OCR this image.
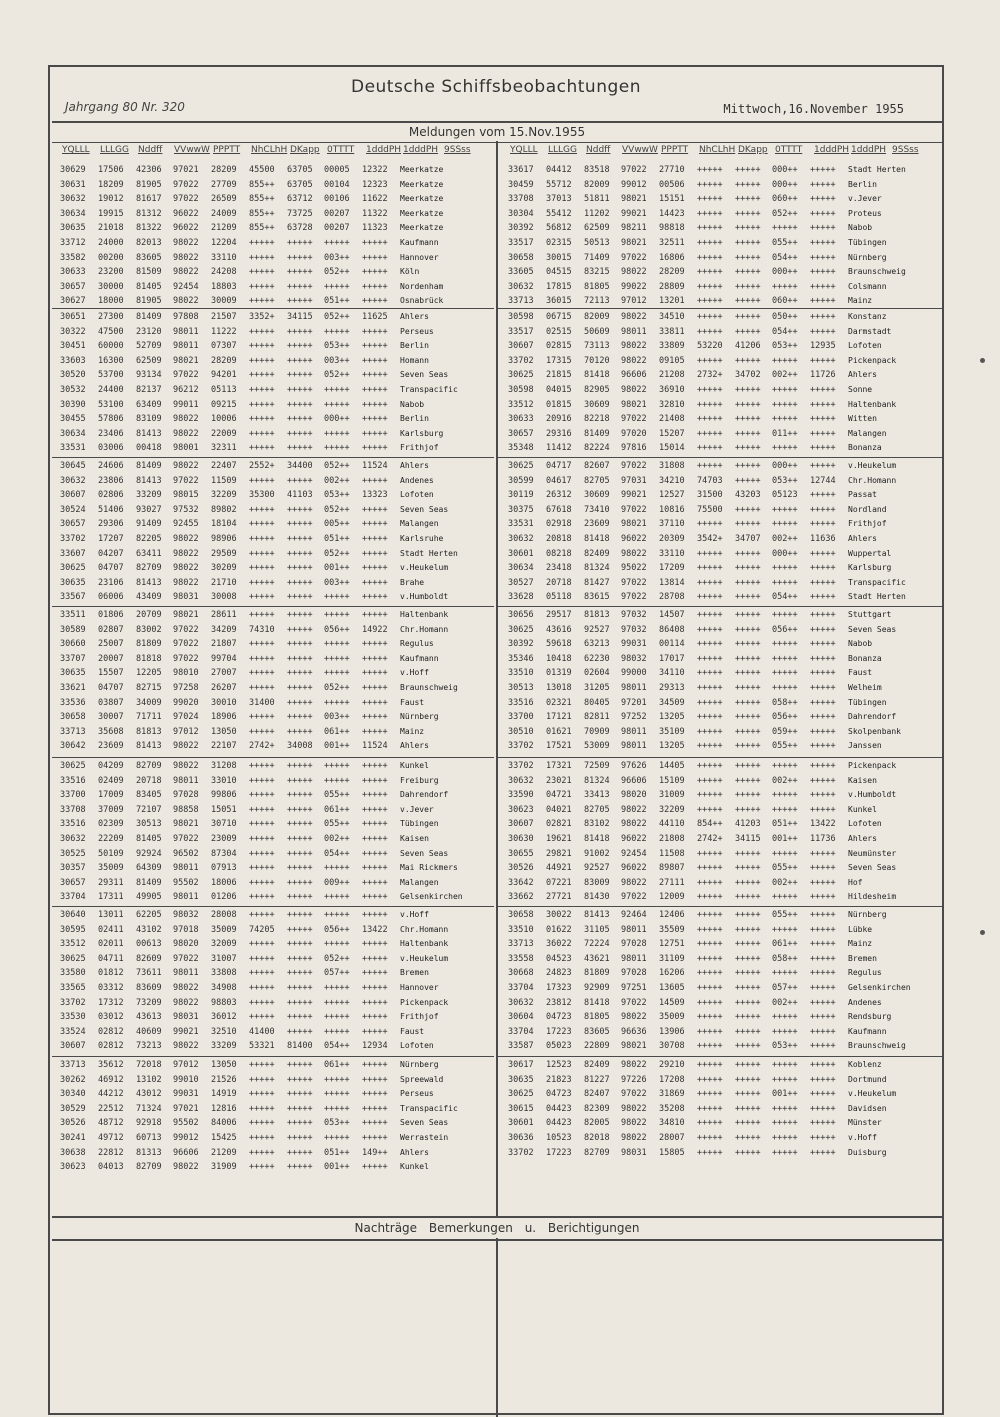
Deutsche Schiffsbeobachtungen
Jahrgang 80 Nr. 320	Mittwoch,16.November 1955
Meldungen vom 15.Nov.1955
YQLLL LLLGG Nddff VVwwW PPPTT NhCLhH DKapp 0TTTT 1dddPH 1dddPH 9SSss	YQLLL LLLGG Nddff VVwwW PPPTT NhCLhH DKapp 0TTTT 1dddPH 1dddPH 9SSss
30629 17506 42306 97021 28209 45500 63705 00005 12322 Meerkatze
30631 18209 81905 97022 27709 855++ 63705 00104 12323 Meerkatze
30632 19012 81617 97022 26509 855++ 63712 00106 11622 Meerkatze
30634 19915 81312 96022 24009 855++ 73725 00207 11322 Meerkatze
30635 21018 81322 96022 21209 855++ 63728 00207 11323 Meerkatze
33712 24000 82013 98022 12204 +++++ +++++ +++++ +++++ Kaufmann
33582 00200 83605 98022 33110 +++++ +++++ 003++ +++++ Hannover
30633 23200 81509 98022 24208 +++++ +++++ 052++ +++++ Köln
30657 30000 81405 92454 18803 +++++ +++++ +++++ +++++ Nordenham
30627 18000 81905 98022 30009 +++++ +++++ 051++ +++++ Osnabrück
30651 27300 81409 97808 21507 3352+ 34115 052++ 11625 Ahlers
30322 47500 23120 98011 11222 +++++ +++++ +++++ +++++ Perseus
30451 60000 52709 98011 07307 +++++ +++++ 053++ +++++ Berlin
33603 16300 62509 98021 28209 +++++ +++++ 003++ +++++ Homann
30520 53700 93134 97022 94201 +++++ +++++ 052++ +++++ Seven Seas
30532 24400 82137 96212 05113 +++++ +++++ +++++ +++++ Transpacific
30390 53100 63409 99011 09215 +++++ +++++ +++++ +++++ Nabob
30455 57806 83109 98022 10006 +++++ +++++ 000++ +++++ Berlin
30634 23406 81413 98022 22009 +++++ +++++ +++++ +++++ Karlsburg
33531 03006 00418 98001 32311 +++++ +++++ +++++ +++++ Frithjof
30645 24606 81409 98022 22407 2552+ 34400 052++ 11524 Ahlers
30632 23806 81413 97022 11509 +++++ +++++ 002++ +++++ Andenes
30607 02806 33209 98015 32209 35300 41103 053++ 13323 Lofoten
30524 51406 93027 97532 89802 +++++ +++++ 052++ +++++ Seven Seas
30657 29306 91409 92455 18104 +++++ +++++ 005++ +++++ Malangen
33702 17207 82205 98022 98906 +++++ +++++ 051++ +++++ Karlsruhe
33607 04207 63411 98022 29509 +++++ +++++ 052++ +++++ Stadt Herten
30625 04707 82709 98022 30209 +++++ +++++ 001++ +++++ v.Heukelum
30635 23106 81413 98022 21710 +++++ +++++ 003++ +++++ Brahe
33567 06006 43409 98031 30008 +++++ +++++ +++++ +++++ v.Humboldt
33511 01806 20709 98021 28611 +++++ +++++ +++++ +++++ Haltenbank
30589 02807 83002 97022 34209 74310 +++++ 056++ 14922 Chr.Homann
30660 25007 81809 97022 21807 +++++ +++++ +++++ +++++ Regulus
33707 20007 81818 97022 99704 +++++ +++++ +++++ +++++ Kaufmann
30635 15507 12205 98010 27007 +++++ +++++ +++++ +++++ v.Hoff
33621 04707 82715 97258 26207 +++++ +++++ 052++ +++++ Braunschweig
33536 03807 34009 99020 30010 31400 +++++ +++++ +++++ Faust
30658 30007 71711 97024 18906 +++++ +++++ 003++ +++++ Nürnberg
33713 35608 81813 97012 13050 +++++ +++++ 061++ +++++ Mainz
30642 23609 81413 98022 22107 2742+ 34008 001++ 11524 Ahlers
30625 04209 82709 98022 31208 +++++ +++++ +++++ +++++ Kunkel
33516 02409 20718 98011 33010 +++++ +++++ +++++ +++++ Freiburg
33700 17009 83405 97028 99806 +++++ +++++ 055++ +++++ Dahrendorf
33708 37009 72107 98858 15051 +++++ +++++ 061++ +++++ v.Jever
33516 02309 30513 98021 30710 +++++ +++++ 055++ +++++ Tübingen
30632 22209 81405 97022 23009 +++++ +++++ 002++ +++++ Kaisen
30525 50109 92924 96502 87304 +++++ +++++ 054++ +++++ Seven Seas
30357 35009 64309 98011 07913 +++++ +++++ +++++ +++++ Mai Rickmers
30657 29311 81409 95502 18006 +++++ +++++ 009++ +++++ Malangen
33704 17311 49905 98011 01206 +++++ +++++ +++++ +++++ Gelsenkirchen
30640 13011 62205 98032 28008 +++++ +++++ +++++ +++++ v.Hoff
30595 02411 43102 97018 35009 74205 +++++ 056++ 13422 Chr.Homann
33512 02011 00613 98020 32009 +++++ +++++ +++++ +++++ Haltenbank
30625 04711 82609 97022 31007 +++++ +++++ 052++ +++++ v.Heukelum
33580 01812 73611 98011 33808 +++++ +++++ 057++ +++++ Bremen
33565 03312 83609 98022 34908 +++++ +++++ +++++ +++++ Hannover
33702 17312 73209 98022 98803 +++++ +++++ +++++ +++++ Pickenpack
33530 03012 43613 98031 36012 +++++ +++++ +++++ +++++ Frithjof
33524 02812 40609 99021 32510 41400 +++++ +++++ +++++ Faust
30607 02812 73213 98022 33209 53321 81400 054++ 12934 Lofoten
33713 35612 72018 97012 13050 +++++ +++++ 061++ +++++ Nürnberg
30262 46912 13102 99010 21526 +++++ +++++ +++++ +++++ Spreewald
30340 44212 43012 99031 14919 +++++ +++++ +++++ +++++ Perseus
30529 22512 71324 97021 12816 +++++ +++++ +++++ +++++ Transpacific
30526 48712 92918 95502 84006 +++++ +++++ 053++ +++++ Seven Seas
30241 49712 60713 99012 15425 +++++ +++++ +++++ +++++ Werrastein
30638 22812 81313 96606 21209 +++++ +++++ 051++ 149++ Ahlers
30623 04013 82709 98022 31909 +++++ +++++ 001++ +++++ Kunkel
33617 04412 83518 97022 27710 +++++ +++++ 000++ +++++ Stadt Herten
30459 55712 82009 99012 00506 +++++ +++++ 000++ +++++ Berlin
33708 37013 51811 98021 15151 +++++ +++++ 060++ +++++ v.Jever
30304 55412 11202 99021 14423 +++++ +++++ 052++ +++++ Proteus
30392 56812 62509 98211 98818 +++++ +++++ +++++ +++++ Nabob
33517 02315 50513 98021 32511 +++++ +++++ 055++ +++++ Tübingen
30658 30015 71409 97022 16806 +++++ +++++ 054++ +++++ Nürnberg
33605 04515 83215 98022 28209 +++++ +++++ 000++ +++++ Braunschweig
30632 17815 81805 99022 28809 +++++ +++++ +++++ +++++ Colsmann
33713 36015 72113 97012 13201 +++++ +++++ 060++ +++++ Mainz
30598 06715 82009 98022 34510 +++++ +++++ 050++ +++++ Konstanz
33517 02515 50609 98011 33811 +++++ +++++ 054++ +++++ Darmstadt
30607 02815 73113 98022 33809 53220 41206 053++ 12935 Lofoten
33702 17315 70120 98022 09105 +++++ +++++ +++++ +++++ Pickenpack
30625 21815 81418 96606 21208 2732+ 34702 002++ 11726 Ahlers
30598 04015 82905 98022 36910 +++++ +++++ +++++ +++++ Sonne
33512 01815 30609 98021 32810 +++++ +++++ +++++ +++++ Haltenbank
30633 20916 82218 97022 21408 +++++ +++++ +++++ +++++ Witten
30657 29316 81409 97020 15207 +++++ +++++ 011++ +++++ Malangen
35348 11412 82224 97816 15014 +++++ +++++ +++++ +++++ Bonanza
30625 04717 82607 97022 31808 +++++ +++++ 000++ +++++ v.Heukelum
30599 04617 82705 97031 34210 74703 +++++ 053++ 12744 Chr.Homann
30119 26312 30609 99021 12527 31500 43203 05123 +++++ Passat
30375 67618 73410 97022 10816 75500 +++++ +++++ +++++ Nordland
33531 02918 23609 98021 37110 +++++ +++++ +++++ +++++ Frithjof
30632 20818 81418 96022 20309 3542+ 34707 002++ 11636 Ahlers
30601 08218 82409 98022 33110 +++++ +++++ 000++ +++++ Wuppertal
30634 23418 81324 95022 17209 +++++ +++++ +++++ +++++ Karlsburg
30527 20718 81427 97022 13814 +++++ +++++ +++++ +++++ Transpacific
33628 05118 83615 97022 28708 +++++ +++++ 054++ +++++ Stadt Herten
30656 29517 81813 97032 14507 +++++ +++++ +++++ +++++ Stuttgart
30625 43616 92527 97032 86408 +++++ +++++ 056++ +++++ Seven Seas
30392 59618 63213 99031 00114 +++++ +++++ +++++ +++++ Nabob
35346 10418 62230 98032 17017 +++++ +++++ +++++ +++++ Bonanza
33510 01319 02604 99000 34110 +++++ +++++ +++++ +++++ Faust
30513 13018 31205 98011 29313 +++++ +++++ +++++ +++++ Welheim
33516 02321 80405 97201 34509 +++++ +++++ 058++ +++++ Tübingen
33700 17121 82811 97252 13205 +++++ +++++ 056++ +++++ Dahrendorf
30510 01621 70909 98011 35109 +++++ +++++ 059++ +++++ Skolpenbank
33702 17521 53009 98011 13205 +++++ +++++ 055++ +++++ Janssen
33702 17321 72509 97626 14405 +++++ +++++ +++++ +++++ Pickenpack
30632 23021 81324 96606 15109 +++++ +++++ 002++ +++++ Kaisen
33590 04721 33413 98020 31009 +++++ +++++ +++++ +++++ v.Humboldt
30623 04021 82705 98022 32209 +++++ +++++ +++++ +++++ Kunkel
30607 02821 83102 98022 44110 854++ 41203 051++ 13422 Lofoten
30630 19621 81418 96022 21808 2742+ 34115 001++ 11736 Ahlers
30655 29821 91002 92454 11508 +++++ +++++ +++++ +++++ Neumünster
30526 44921 92527 96022 89807 +++++ +++++ 055++ +++++ Seven Seas
33642 07221 83009 98022 27111 +++++ +++++ 002++ +++++ Hof
33662 27721 81430 97022 12009 +++++ +++++ +++++ +++++ Hildesheim
30658 30022 81413 92464 12406 +++++ +++++ 055++ +++++ Nürnberg
33510 01622 31105 98011 35509 +++++ +++++ +++++ +++++ Lübke
33713 36022 72224 97028 12751 +++++ +++++ 061++ +++++ Mainz
33558 04523 43621 98011 31109 +++++ +++++ 058++ +++++ Bremen
30668 24823 81809 97028 16206 +++++ +++++ +++++ +++++ Regulus
33704 17323 92909 97251 13605 +++++ +++++ 057++ +++++ Gelsenkirchen
30632 23812 81418 97022 14509 +++++ +++++ 002++ +++++ Andenes
30604 04723 81805 98022 35009 +++++ +++++ +++++ +++++ Rendsburg
33704 17223 83605 96636 13906 +++++ +++++ +++++ +++++ Kaufmann
33587 05023 22809 98021 30708 +++++ +++++ 053++ +++++ Braunschweig
30617 12523 82409 98022 29210 +++++ +++++ +++++ +++++ Koblenz
30635 21823 81227 97226 17208 +++++ +++++ +++++ +++++ Dortmund
30625 04723 82407 97022 31869 +++++ +++++ 001++ +++++ v.Heukelum
30615 04423 82309 98022 35208 +++++ +++++ +++++ +++++ Davidsen
30601 04423 82005 98022 34810 +++++ +++++ +++++ +++++ Münster
30636 10523 82018 98022 28007 +++++ +++++ +++++ +++++ v.Hoff
33702 17223 82709 98031 15805 +++++ +++++ +++++ +++++ Duisburg
Nachträge Bemerkungen u. Berichtigungen
